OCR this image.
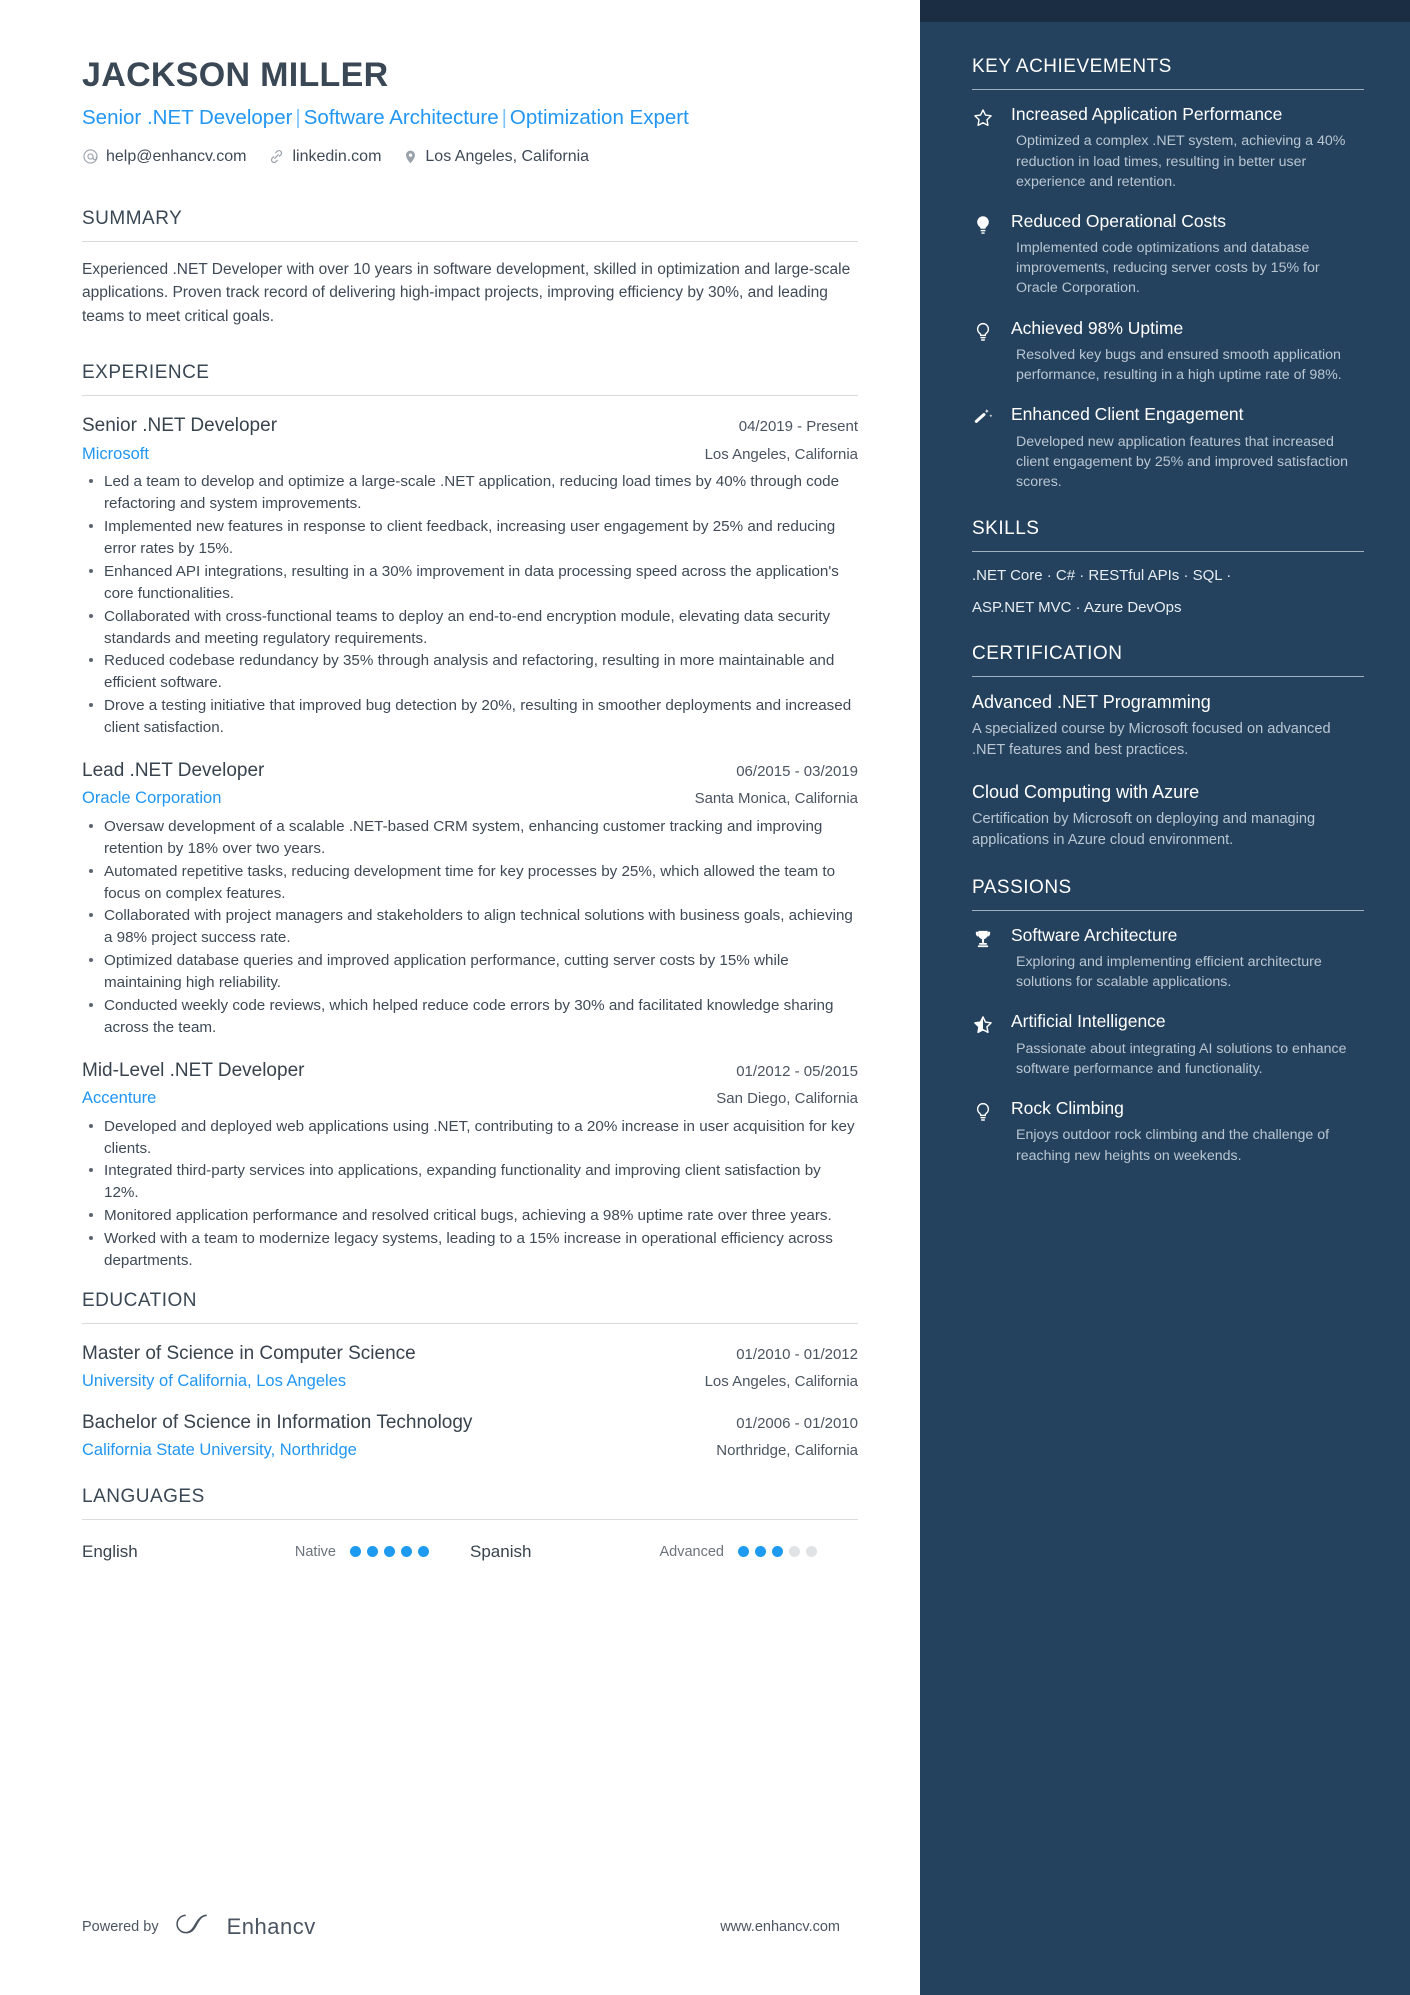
JACKSON MILLER
Senior .NET Developer | Software Architecture | Optimization Expert
help@enhancv.com	linkedin.com	Los Angeles, California
SUMMARY
Experienced .NET Developer with over 10 years in software development, skilled in optimization and large-scale applications. Proven track record of delivering high-impact projects, improving efficiency by 30%, and leading teams to meet critical goals.
EXPERIENCE
Senior .NET Developer	04/2019 - Present
Microsoft	Los Angeles, California
Led a team to develop and optimize a large-scale .NET application, reducing load times by 40% through code refactoring and system improvements.
Implemented new features in response to client feedback, increasing user engagement by 25% and reducing error rates by 15%.
Enhanced API integrations, resulting in a 30% improvement in data processing speed across the application's core functionalities.
Collaborated with cross-functional teams to deploy an end-to-end encryption module, elevating data security standards and meeting regulatory requirements.
Reduced codebase redundancy by 35% through analysis and refactoring, resulting in more maintainable and efficient software.
Drove a testing initiative that improved bug detection by 20%, resulting in smoother deployments and increased client satisfaction.
Lead .NET Developer	06/2015 - 03/2019
Oracle Corporation	Santa Monica, California
Oversaw development of a scalable .NET-based CRM system, enhancing customer tracking and improving retention by 18% over two years.
Automated repetitive tasks, reducing development time for key processes by 25%, which allowed the team to focus on complex features.
Collaborated with project managers and stakeholders to align technical solutions with business goals, achieving a 98% project success rate.
Optimized database queries and improved application performance, cutting server costs by 15% while maintaining high reliability.
Conducted weekly code reviews, which helped reduce code errors by 30% and facilitated knowledge sharing across the team.
Mid-Level .NET Developer	01/2012 - 05/2015
Accenture	San Diego, California
Developed and deployed web applications using .NET, contributing to a 20% increase in user acquisition for key clients.
Integrated third-party services into applications, expanding functionality and improving client satisfaction by 12%.
Monitored application performance and resolved critical bugs, achieving a 98% uptime rate over three years.
Worked with a team to modernize legacy systems, leading to a 15% increase in operational efficiency across departments.
EDUCATION
Master of Science in Computer Science	01/2010 - 01/2012
University of California, Los Angeles	Los Angeles, California
Bachelor of Science in Information Technology	01/2006 - 01/2010
California State University, Northridge	Northridge, California
LANGUAGES
English	Native	Spanish	Advanced
Powered by	Enhancv	www.enhancv.com
KEY ACHIEVEMENTS
Increased Application Performance
Optimized a complex .NET system, achieving a 40% reduction in load times, resulting in better user experience and retention.
Reduced Operational Costs
Implemented code optimizations and database improvements, reducing server costs by 15% for Oracle Corporation.
Achieved 98% Uptime
Resolved key bugs and ensured smooth application performance, resulting in a high uptime rate of 98%.
Enhanced Client Engagement
Developed new application features that increased client engagement by 25% and improved satisfaction scores.
SKILLS
.NET Core · C# · RESTful APIs · SQL ·
ASP.NET MVC · Azure DevOps
CERTIFICATION
Advanced .NET Programming
A specialized course by Microsoft focused on advanced .NET features and best practices.
Cloud Computing with Azure
Certification by Microsoft on deploying and managing applications in Azure cloud environment.
PASSIONS
Software Architecture
Exploring and implementing efficient architecture solutions for scalable applications.
Artificial Intelligence
Passionate about integrating AI solutions to enhance software performance and functionality.
Rock Climbing
Enjoys outdoor rock climbing and the challenge of reaching new heights on weekends.
